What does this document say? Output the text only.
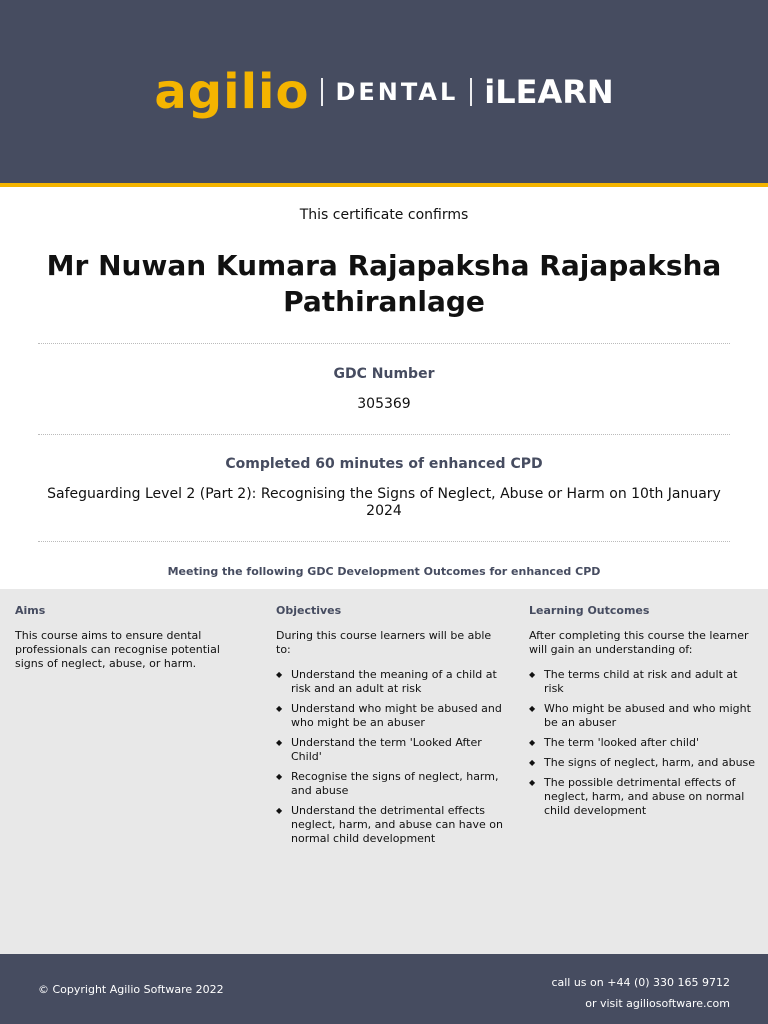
agilio DENTAL iLEARN
This certificate confirms
Mr Nuwan Kumara Rajapaksha Rajapaksha Pathiranlage
GDC Number
305369
Completed 60 minutes of enhanced CPD
Safeguarding Level 2 (Part 2): Recognising the Signs of Neglect, Abuse or Harm on 10th January 2024
Meeting the following GDC Development Outcomes for enhanced CPD
Aims

This course aims to ensure dental professionals can recognise potential signs of neglect, abuse, or harm.

Objectives

During this course learners will be able to:

◆ Understand the meaning of a child at risk and an adult at risk
◆ Understand who might be abused and who might be an abuser
◆ Understand the term 'Looked After Child'
◆ Recognise the signs of neglect, harm, and abuse
◆ Understand the detrimental effects neglect, harm, and abuse can have on normal child development
Learning Outcomes

After completing this course the learner will gain an understanding of:

◆ The terms child at risk and adult at risk
◆ Who might be abused and who might be an abuser
◆ The term 'looked after child'
◆ The signs of neglect, harm, and abuse
◆ The possible detrimental effects of neglect, harm, and abuse on normal child development
© Copyright Agilio Software 2022
call us on +44 (0) 330 165 9712
or visit agiliosoftware.com
